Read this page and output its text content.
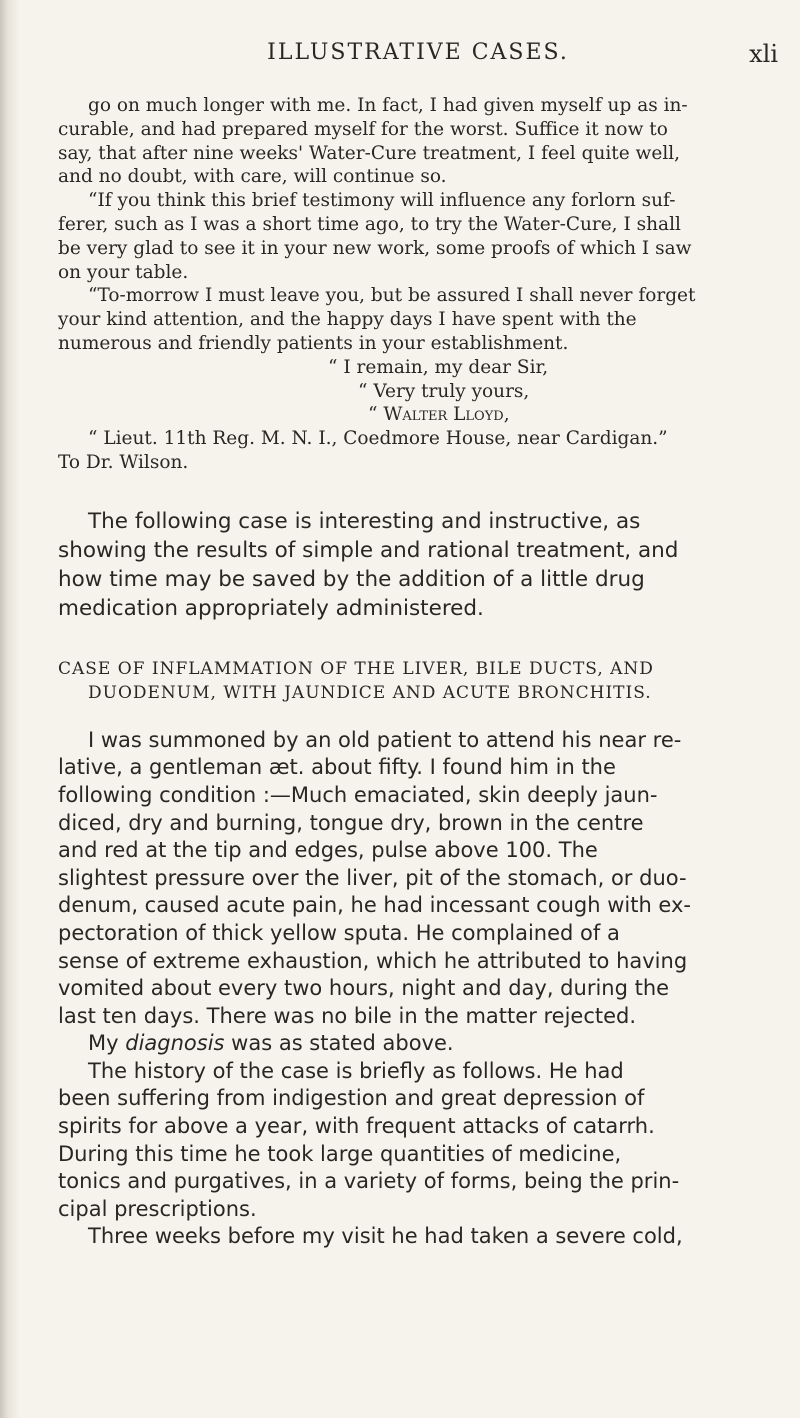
ILLUSTRATIVE CASES.	xli
go on much longer with me. In fact, I had given myself up as in-
curable, and had prepared myself for the worst. Suffice it now to
say, that after nine weeks' Water-Cure treatment, I feel quite well,
and no doubt, with care, will continue so.
“If you think this brief testimony will influence any forlorn suf-
ferer, such as I was a short time ago, to try the Water-Cure, I shall
be very glad to see it in your new work, some proofs of which I saw
on your table.
“To-morrow I must leave you, but be assured I shall never forget
your kind attention, and the happy days I have spent with the
numerous and friendly patients in your establishment.
“ I remain, my dear Sir,
“ Very truly yours,
“ Walter Lloyd,
“ Lieut. 11th Reg. M. N. I., Coedmore House, near Cardigan.”
To Dr. Wilson.
The following case is interesting and instructive, as
showing the results of simple and rational treatment, and
how time may be saved by the addition of a little drug
medication appropriately administered.
CASE OF INFLAMMATION OF THE LIVER, BILE DUCTS, AND
DUODENUM, WITH JAUNDICE AND ACUTE BRONCHITIS.
I was summoned by an old patient to attend his near re-
lative, a gentleman æt. about fifty. I found him in the
following condition :—Much emaciated, skin deeply jaun-
diced, dry and burning, tongue dry, brown in the centre
and red at the tip and edges, pulse above 100. The
slightest pressure over the liver, pit of the stomach, or duo-
denum, caused acute pain, he had incessant cough with ex-
pectoration of thick yellow sputa. He complained of a
sense of extreme exhaustion, which he attributed to having
vomited about every two hours, night and day, during the
last ten days. There was no bile in the matter rejected.
My diagnosis was as stated above.
The history of the case is briefly as follows. He had
been suffering from indigestion and great depression of
spirits for above a year, with frequent attacks of catarrh.
During this time he took large quantities of medicine,
tonics and purgatives, in a variety of forms, being the prin-
cipal prescriptions.
Three weeks before my visit he had taken a severe cold,
